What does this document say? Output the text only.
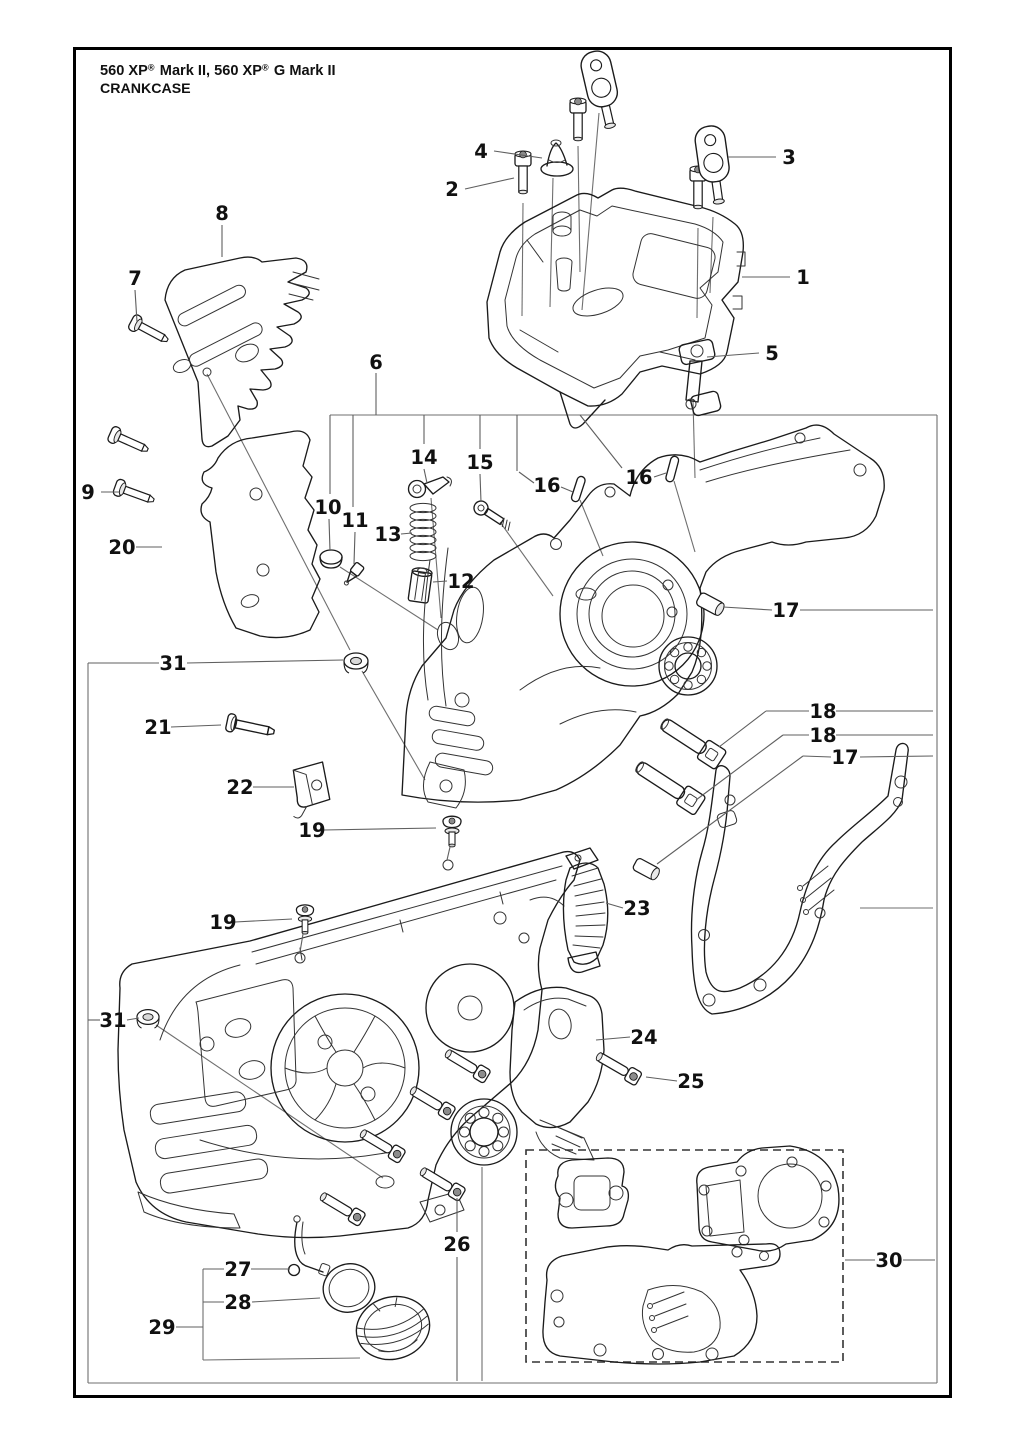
560 XP®  Mark II, 560 XP®  G Mark II
CRANKCASE
1
2
3
4
5
6
7
8
9
10
11
12
13
14 15
16	16
17
18
18
17
19
19
20
21
22
23
24
25
26
27
28
29
30
31
31
